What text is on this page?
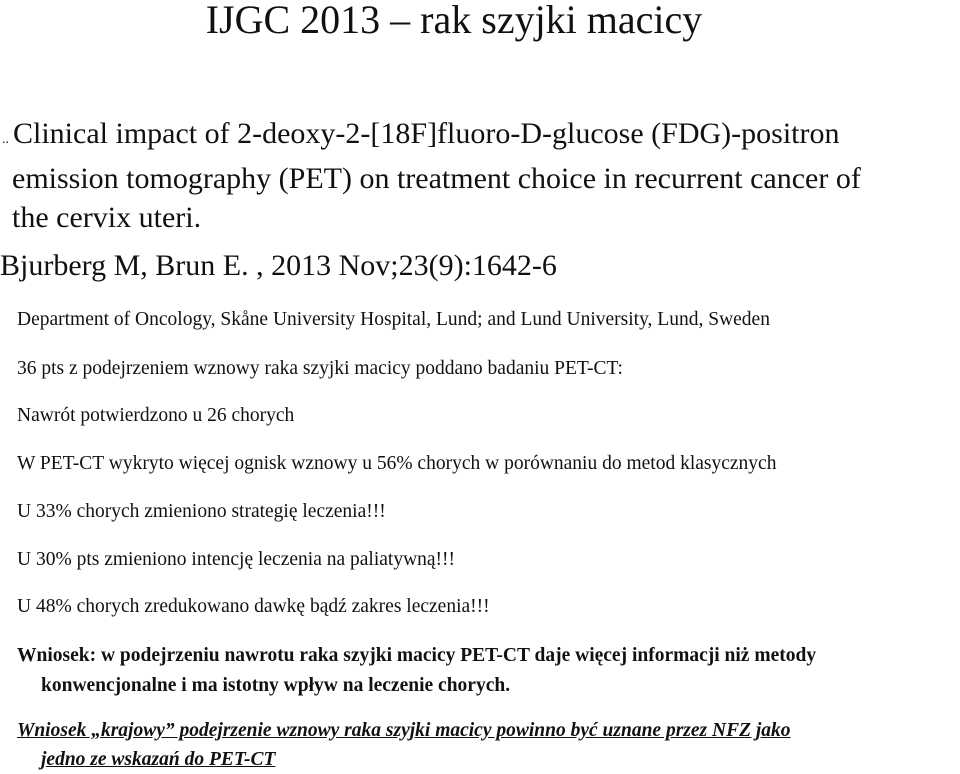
IJGC 2013 – rak szyjki macicy
.. Clinical impact of 2-deoxy-2-[18F]fluoro-D-glucose (FDG)-positron
emission tomography (PET) on treatment choice in recurrent cancer of
the cervix uteri.
Bjurberg M, Brun E. , 2013 Nov;23(9):1642-6
Department of Oncology, Skåne University Hospital, Lund; and Lund University, Lund, Sweden
36 pts z podejrzeniem wznowy raka szyjki macicy poddano badaniu PET-CT:
Nawrót potwierdzono u 26 chorych
W PET-CT wykryto więcej ognisk wznowy u 56% chorych w porównaniu do metod klasycznych
U 33% chorych zmieniono strategię leczenia!!!
U 30% pts zmieniono intencję leczenia na paliatywną!!!
U 48% chorych zredukowano dawkę bądź zakres leczenia!!!
Wniosek: w podejrzeniu nawrotu raka szyjki macicy PET-CT daje więcej informacji niż metody
konwencjonalne i ma istotny wpływ na leczenie chorych.
Wniosek „krajowy” podejrzenie wznowy raka szyjki macicy powinno być uznane przez NFZ jako
jedno ze wskazań do PET-CT
